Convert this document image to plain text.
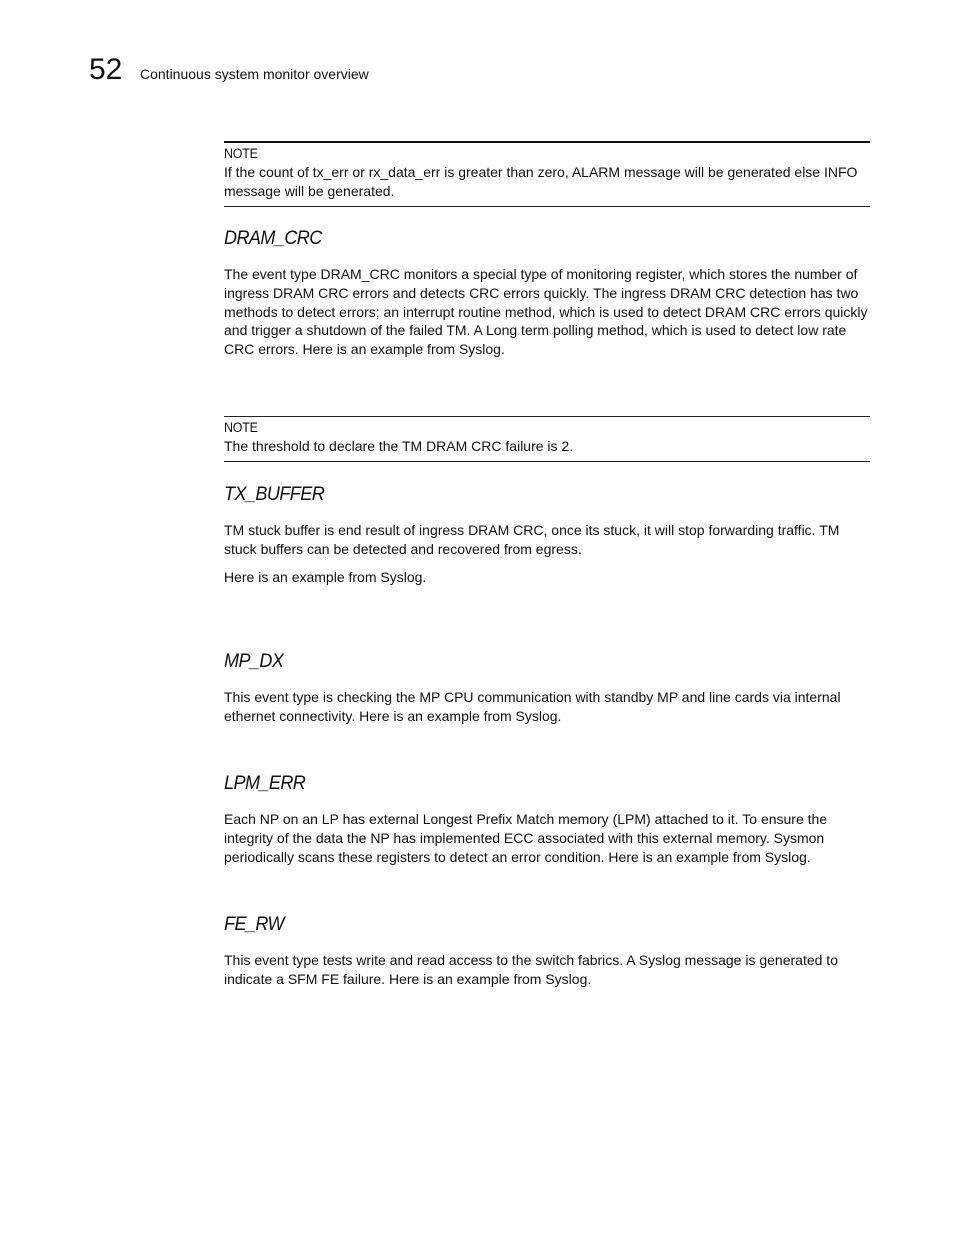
52 Continuous system monitor overview
NOTE
If the count of tx_err or rx_data_err is greater than zero, ALARM message will be generated else INFO message will be generated.
DRAM_CRC

The event type DRAM_CRC monitors a special type of monitoring register, which stores the number of ingress DRAM CRC errors and detects CRC errors quickly. The ingress DRAM CRC detection has two methods to detect errors; an interrupt routine method, which is used to detect DRAM CRC errors quickly and trigger a shutdown of the failed TM. A Long term polling method, which is used to detect low rate CRC errors. Here is an example from Syslog.

NOTE
The threshold to declare the TM DRAM CRC failure is 2.
TX_BUFFER

TM stuck buffer is end result of ingress DRAM CRC, once its stuck, it will stop forwarding traffic. TM stuck buffers can be detected and recovered from egress.

Here is an example from Syslog.

MP_DX

This event type is checking the MP CPU communication with standby MP and line cards via internal ethernet connectivity. Here is an example from Syslog.

LPM_ERR

Each NP on an LP has external Longest Prefix Match memory (LPM) attached to it. To ensure the integrity of the data the NP has implemented ECC associated with this external memory. Sysmon periodically scans these registers to detect an error condition. Here is an example from Syslog.

FE_RW

This event type tests write and read access to the switch fabrics. A Syslog message is generated to indicate a SFM FE failure. Here is an example from Syslog.
